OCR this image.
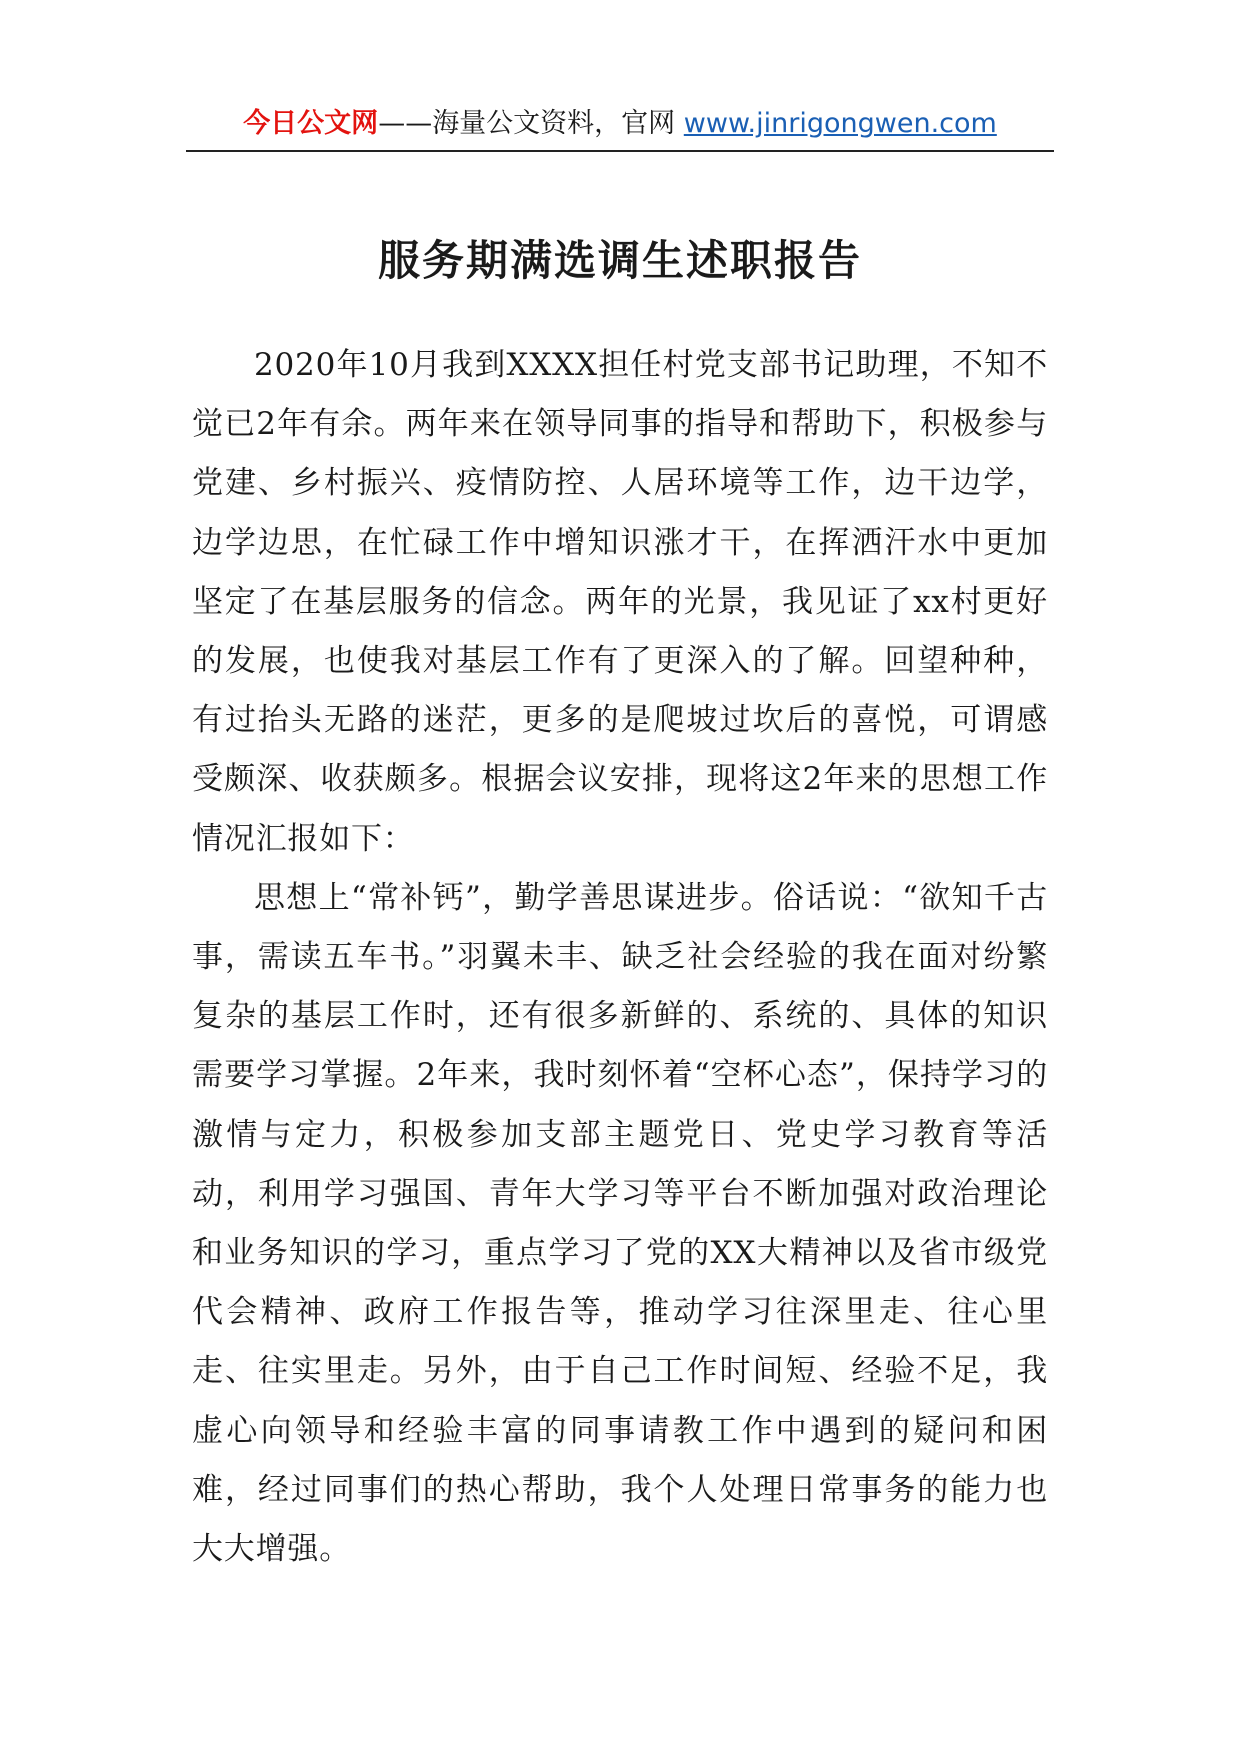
今日公文网——海量公文资料，官网 www.jinrigongwen.com
服务期满选调生述职报告

2020年10月我到XXXX担任村党支部书记助理，不知不觉已2年有余。两年来在领导同事的指导和帮助下，积极参与党建、乡村振兴、疫情防控、人居环境等工作，边干边学，边学边思，在忙碌工作中增知识涨才干，在挥洒汗水中更加坚定了在基层服务的信念。两年的光景，我见证了xx村更好的发展，也使我对基层工作有了更深入的了解。回望种种，有过抬头无路的迷茫，更多的是爬坡过坎后的喜悦，可谓感受颇深、收获颇多。根据会议安排，现将这2年来的思想工作情况汇报如下：

思想上“常补钙”，勤学善思谋进步。俗话说：“欲知千古事，需读五车书。”羽翼未丰、缺乏社会经验的我在面对纷繁复杂的基层工作时，还有很多新鲜的、系统的、具体的知识需要学习掌握。2年来，我时刻怀着“空杯心态”，保持学习的激情与定力，积极参加支部主题党日、党史学习教育等活动，利用学习强国、青年大学习等平台不断加强对政治理论和业务知识的学习，重点学习了党的XX大精神以及省市级党代会精神、政府工作报告等，推动学习往深里走、往心里走、往实里走。另外，由于自己工作时间短、经验不足，我虚心向领导和经验丰富的同事请教工作中遇到的疑问和困难，经过同事们的热心帮助，我个人处理日常事务的能力也大大增强。
